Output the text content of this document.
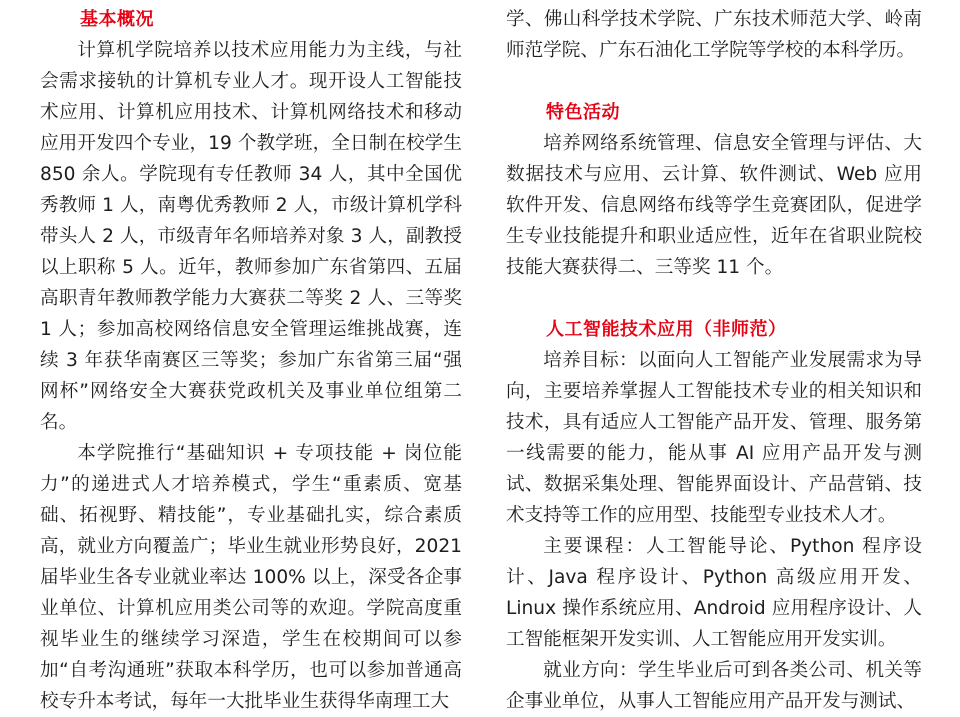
基本概况

计算机学院培养以技术应用能力为主线，与社会需求接轨的计算机专业人才。现开设人工智能技术应用、计算机应用技术、计算机网络技术和移动应用开发四个专业，19 个教学班，全日制在校学生 850 余人。学院现有专任教师 34 人，其中全国优秀教师 1 人，南粤优秀教师 2 人，市级计算机学科带头人 2 人，市级青年名师培养对象 3 人，副教授以上职称 5 人。近年，教师参加广东省第四、五届高职青年教师教学能力大赛获二等奖 2 人、三等奖 1 人；参加高校网络信息安全管理运维挑战赛，连续 3 年获华南赛区三等奖；参加广东省第三届“强网杯”网络安全大赛获党政机关及事业单位组第二名。

本学院推行“基础知识 + 专项技能 + 岗位能力”的递进式人才培养模式，学生“重素质、宽基础、拓视野、精技能”，专业基础扎实，综合素质高，就业方向覆盖广；毕业生就业形势良好，2021 届毕业生各专业就业率达 100% 以上，深受各企事业单位、计算机应用类公司等的欢迎。学院高度重视毕业生的继续学习深造，学生在校期间可以参加“自考沟通班”获取本科学历，也可以参加普通高校专升本考试，每年一大批毕业生获得华南理工大

学、佛山科学技术学院、广东技术师范大学、岭南师范学院、广东石油化工学院等学校的本科学历。

特色活动

培养网络系统管理、信息安全管理与评估、大数据技术与应用、云计算、软件测试、Web 应用软件开发、信息网络布线等学生竞赛团队，促进学生专业技能提升和职业适应性，近年在省职业院校技能大赛获得二、三等奖 11 个。

人工智能技术应用（非师范）

培养目标：以面向人工智能产业发展需求为导向，主要培养掌握人工智能技术专业的相关知识和技术，具有适应人工智能产品开发、管理、服务第一线需要的能力，能从事 AI 应用产品开发与测试、数据采集处理、智能界面设计、产品营销、技术支持等工作的应用型、技能型专业技术人才。

主要课程：人工智能导论、Python 程序设计、Java 程序设计、Python 高级应用开发、Linux 操作系统应用、Android 应用程序设计、人工智能框架开发实训、人工智能应用开发实训。

就业方向：学生毕业后可到各类公司、机关等企事业单位，从事人工智能应用产品开发与测试、
